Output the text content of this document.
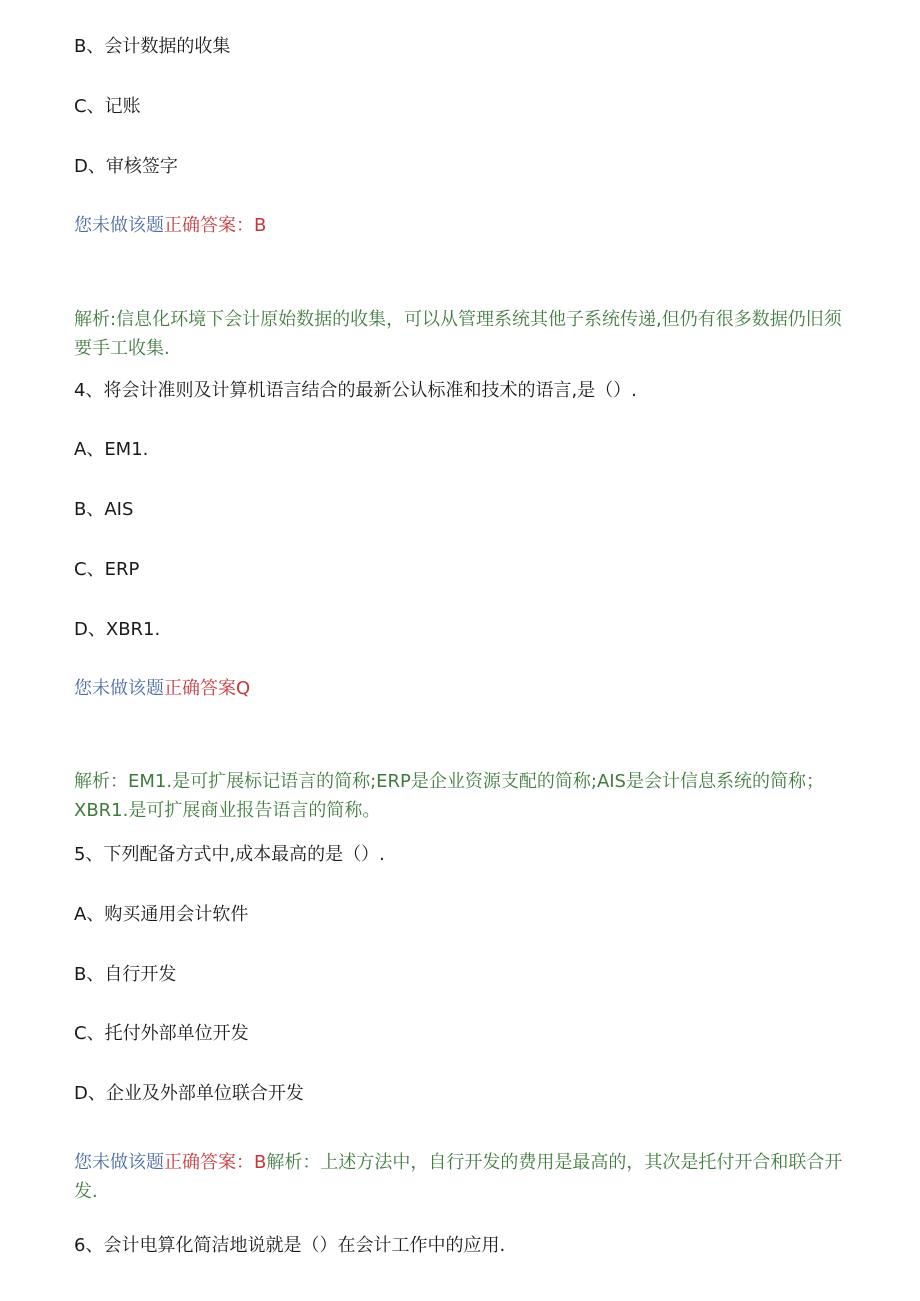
B、会计数据的收集
C、记账
D、审核签字
您未做该题正确答案：B
解析:信息化环境下会计原始数据的收集，可以从管理系统其他子系统传递,但仍有很多数据仍旧须要手工收集.
4、将会计准则及计算机语言结合的最新公认标准和技术的语言,是（）.
A、EM1.
B、AIS
C、ERP
D、XBR1.
您未做该题正确答案Q
解析：EM1.是可扩展标记语言的简称;ERP是企业资源支配的简称;AIS是会计信息系统的简称；XBR1.是可扩展商业报告语言的简称。
5、下列配备方式中,成本最高的是（）.
A、购买通用会计软件
B、自行开发
C、托付外部单位开发
D、企业及外部单位联合开发
您未做该题正确答案：B解析：上述方法中，自行开发的费用是最高的，其次是托付开合和联合开发.
6、会计电算化简洁地说就是（）在会计工作中的应用.
